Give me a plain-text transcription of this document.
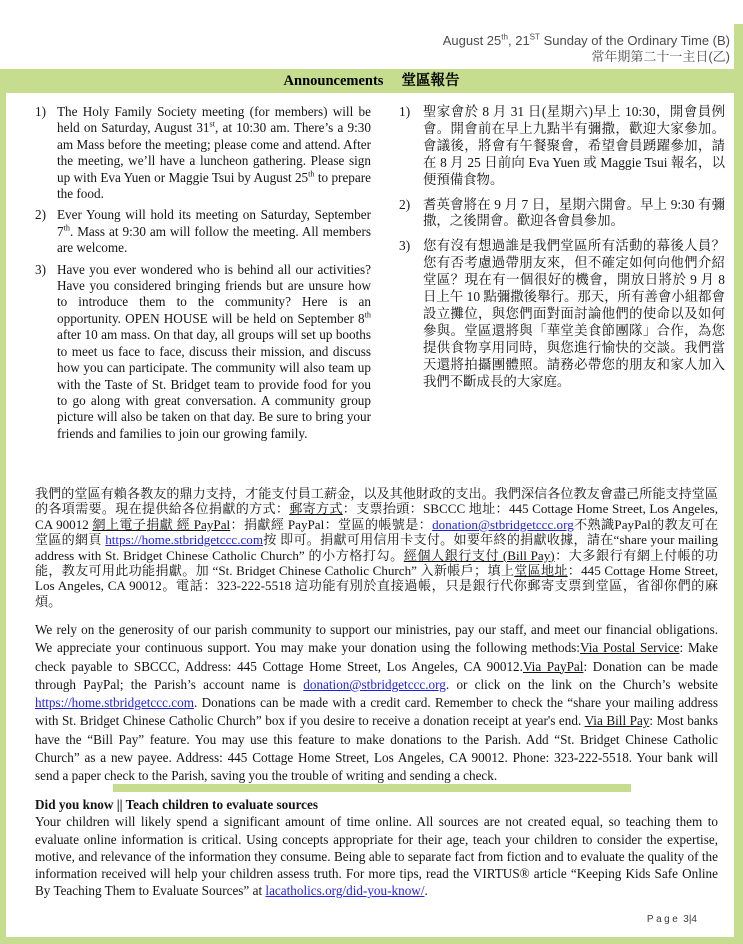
August 25th, 21ST Sunday of the Ordinary Time (B)
常年期第二十一主日(乙)
Announcements 堂區報告
1) The Holy Family Society meeting (for members) will be held on Saturday, August 31st, at 10:30 am. There’s a 9:30 am Mass before the meeting; please come and attend. After the meeting, we’ll have a luncheon gathering. Please sign up with Eva Yuen or Maggie Tsui by August 25th to prepare the food.
2) Ever Young will hold its meeting on Saturday, September 7th. Mass at 9:30 am will follow the meeting. All members are welcome.
3) Have you ever wondered who is behind all our activities? Have you considered bringing friends but are unsure how to introduce them to the community? Here is an opportunity. OPEN HOUSE will be held on September 8th after 10 am mass. On that day, all groups will set up booths to meet us face to face, discuss their mission, and discuss how you can participate. The community will also team up with the Taste of St. Bridget team to provide food for you to go along with great conversation. A community group picture will also be taken on that day. Be sure to bring your friends and families to join our growing family.
1) 聖家會於 8 月 31 日(星期六)早上 10:30，開會員例會。開會前在早上九點半有彌撒，歡迎大家參加。會議後，將會有午餐聚會，希望會員踴躍參加，請在 8 月 25 日前向 Eva Yuen 或 Maggie Tsui 報名，以便預備食物。
2) 耆英會將在 9 月 7 日，星期六開會。早上 9:30 有彌撒，之後開會。歡迎各會員參加。
3) 您有沒有想過誰是我們堂區所有活動的幕後人員？您有否考慮過帶朋友來，但不確定如何向他們介紹堂區？現在有一個很好的機會，開放日將於 9 月 8 日上午 10 點彌撒後舉行。那天，所有善會小組都會設立攤位，與您們面對面討論他們的使命以及如何參與。堂區還將與「華堂美食節團隊」合作，為您提供食物享用同時，與您進行愉快的交談。我們當天還將拍攝團體照。請務必帶您的朋友和家人加入我們不斷成長的大家庭。

我們的堂區有賴各教友的鼎力支持，才能支付員工薪金，以及其他財政的支出。我們深信各位教友會盡己所能支持堂區的各項需要。現在提供給各位捐獻的方式：郵寄方式：支票抬頭：SBCCC 地址：445 Cottage Home Street, Los Angeles, CA 90012 網上電子捐獻 經 PayPal：捐獻經 PayPal：堂區的帳號是：donation@stbridgetccc.org不熟識PayPal的教友可在堂區的網頁 https://home.stbridgetccc.com按 即可。捐獻可用信用卡支付。如要年終的捐獻收據，請在“share your mailing address with St. Bridget Chinese Catholic Church” 的小方格打勾。經個人銀行支付 (Bill Pay)：大多銀行有網上付帳的功能，教友可用此功能捐獻。加 “St. Bridget Chinese Catholic Church” 入新帳戶；填上堂區地址：445 Cottage Home Street, Los Angeles, CA 90012。電話：323-222-5518 這功能有別於直接過帳，只是銀行代你郵寄支票到堂區，省卻你們的麻煩。

We rely on the generosity of our parish community to support our ministries, pay our staff, and meet our financial obligations. We appreciate your continuous support. You may make your donation using the following methods:Via Postal Service: Make check payable to SBCCC, Address: 445 Cottage Home Street, Los Angeles, CA 90012.Via PayPal: Donation can be made through PayPal; the Parish’s account name is donation@stbridgetccc.org. or click on the link on the Church’s website https://home.stbridgetccc.com. Donations can be made with a credit card. Remember to check the “share your mailing address with St. Bridget Chinese Catholic Church” box if you desire to receive a donation receipt at year's end. Via Bill Pay: Most banks have the “Bill Pay” feature. You may use this feature to make donations to the Parish. Add “St. Bridget Chinese Catholic Church” as a new payee. Address: 445 Cottage Home Street, Los Angeles, CA 90012. Phone: 323-222-5518. Your bank will send a paper check to the Parish, saving you the trouble of writing and sending a check.

Did you know || Teach children to evaluate sources

Your children will likely spend a significant amount of time online. All sources are not created equal, so teaching them to evaluate online information is critical. Using concepts appropriate for their age, teach your children to consider the expertise, motive, and relevance of the information they consume. Being able to separate fact from fiction and to evaluate the quality of the information received will help your children assess truth. For more tips, read the VIRTUS® article “Keeping Kids Safe Online By Teaching Them to Evaluate Sources” at lacatholics.org/did-you-know/.

Page 3|4
